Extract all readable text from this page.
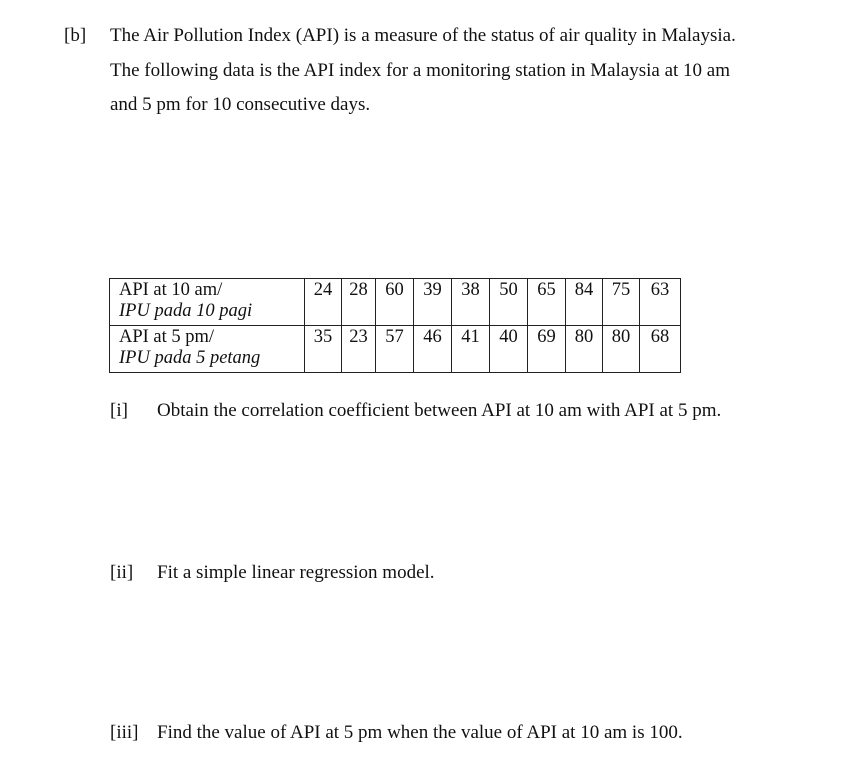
[b] The Air Pollution Index (API) is a measure of the status of air quality in Malaysia.
The following data is the API index for a monitoring station in Malaysia at 10 am
and 5 pm for 10 consecutive days.
API at 10 am/
IPU pada 10 pagi	24	28	60	39	38	50	65	84	75	63

API at 5 pm/
IPU pada 5 petang	35	23	57	46	41	40	69	80	80	68
[i] Obtain the correlation coefficient between API at 10 am with API at 5 pm.
[ii] Fit a simple linear regression model.
[iii] Find the value of API at 5 pm when the value of API at 10 am is 100.
